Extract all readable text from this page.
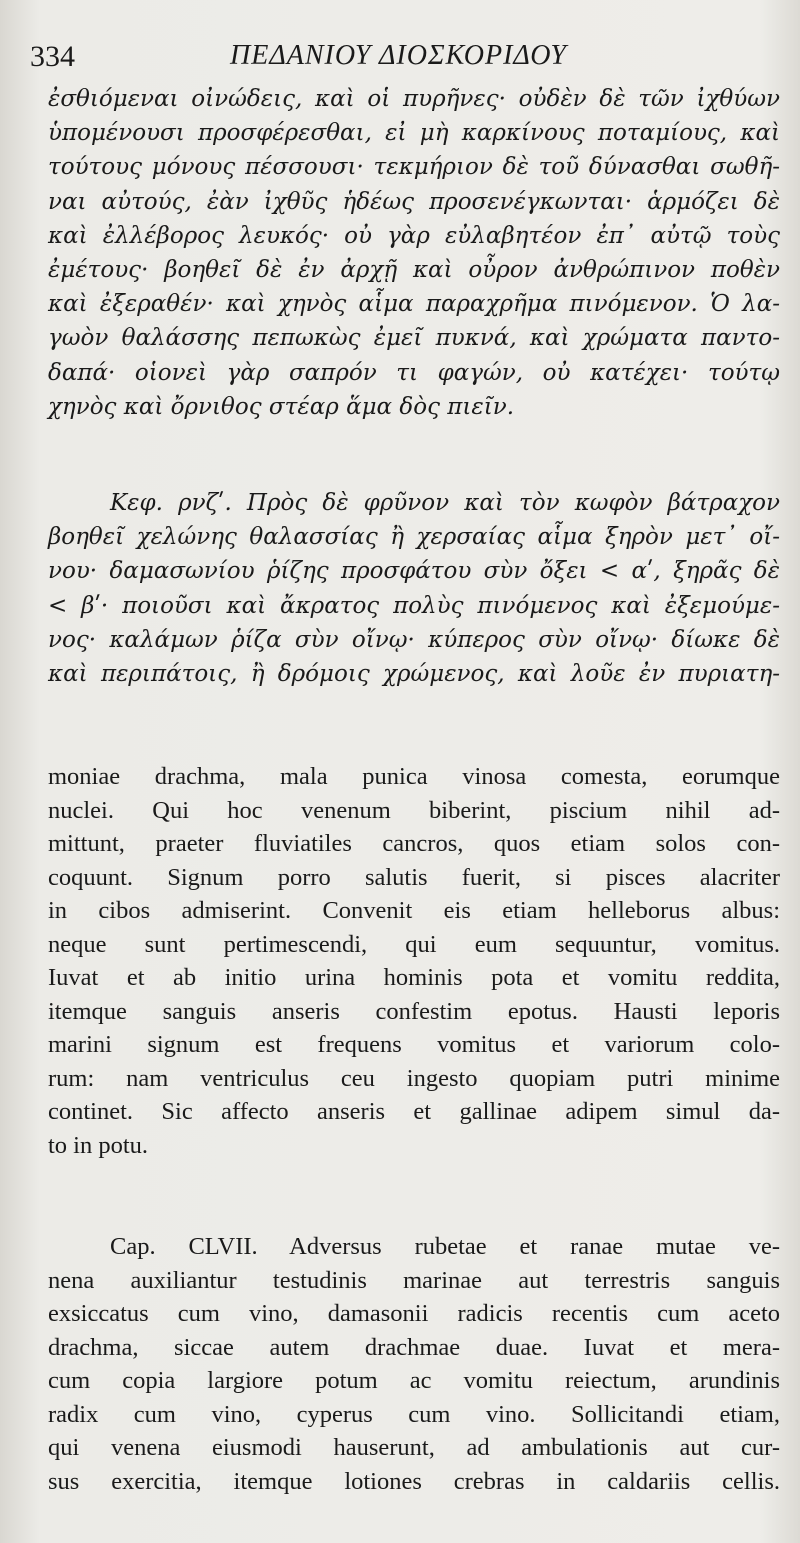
334	ΠΕΔΑΝΙΟΥ ΔΙΟΣΚΟΡΙΔΟΥ
ἐσθιόμεναι οἰνώδεις, καὶ οἱ πυρῆνες· οὐδὲν δὲ τῶν ἰχθύων
ὑπομένουσι προσφέρεσθαι, εἰ μὴ καρκίνους ποταμίους, καὶ
τούτους μόνους πέσσουσι· τεκμήριον δὲ τοῦ δύνασθαι σωθῆ-
ναι αὐτούς, ἐὰν ἰχθῦς ἡδέως προσενέγκωνται· ἁρμόζει δὲ
καὶ ἐλλέβορος λευκός· οὐ γὰρ εὐλαβητέον ἐπ᾽ αὐτῷ τοὺς
ἐμέτους· βοηθεῖ δὲ ἐν ἀρχῇ καὶ οὖρον ἀνθρώπινον ποθὲν
καὶ ἐξεραθέν· καὶ χηνὸς αἷμα παραχρῆμα πινόμενον. Ὁ λα-
γωὸν θαλάσσης πεπωκὼς ἐμεῖ πυκνά, καὶ χρώματα παντο-
δαπά· οἱονεὶ γὰρ σαπρόν τι φαγών, οὐ κατέχει· τούτῳ
χηνὸς καὶ ὄρνιθος στέαρ ἅμα δὸς πιεῖν.
Κεφ. ρνζʹ. Πρὸς δὲ φρῦνον καὶ τὸν κωφὸν βάτραχον
βοηθεῖ χελώνης θαλασσίας ἢ χερσαίας αἷμα ξηρὸν μετ᾽ οἴ-
νου· δαμασωνίου ῥίζης προσφάτου σὺν ὄξει < αʹ, ξηρᾶς δὲ
< βʹ· ποιοῦσι καὶ ἄκρατος πολὺς πινόμενος καὶ ἐξεμούμε-
νος· καλάμων ῥίζα σὺν οἴνῳ· κύπερος σὺν οἴνῳ· δίωκε δὲ
καὶ περιπάτοις, ἢ δρόμοις χρώμενος, καὶ λοῦε ἐν πυριατη-
moniae drachma, mala punica vinosa comesta, eorumque
nuclei. Qui hoc venenum biberint, piscium nihil ad-
mittunt, praeter fluviatiles cancros, quos etiam solos con-
coquunt. Signum porro salutis fuerit, si pisces alacriter
in cibos admiserint. Convenit eis etiam helleborus albus:
neque sunt pertimescendi, qui eum sequuntur, vomitus.
Iuvat et ab initio urina hominis pota et vomitu reddita,
itemque sanguis anseris confestim epotus. Hausti leporis
marini signum est frequens vomitus et variorum colo-
rum: nam ventriculus ceu ingesto quopiam putri minime
continet. Sic affecto anseris et gallinae adipem simul da-
to in potu.
Cap. CLVII. Adversus rubetae et ranae mutae ve-
nena auxiliantur testudinis marinae aut terrestris sanguis
exsiccatus cum vino, damasonii radicis recentis cum aceto
drachma, siccae autem drachmae duae. Iuvat et mera-
cum copia largiore potum ac vomitu reiectum, arundinis
radix cum vino, cyperus cum vino. Sollicitandi etiam,
qui venena eiusmodi hauserunt, ad ambulationis aut cur-
sus exercitia, itemque lotiones crebras in caldariis cellis.
